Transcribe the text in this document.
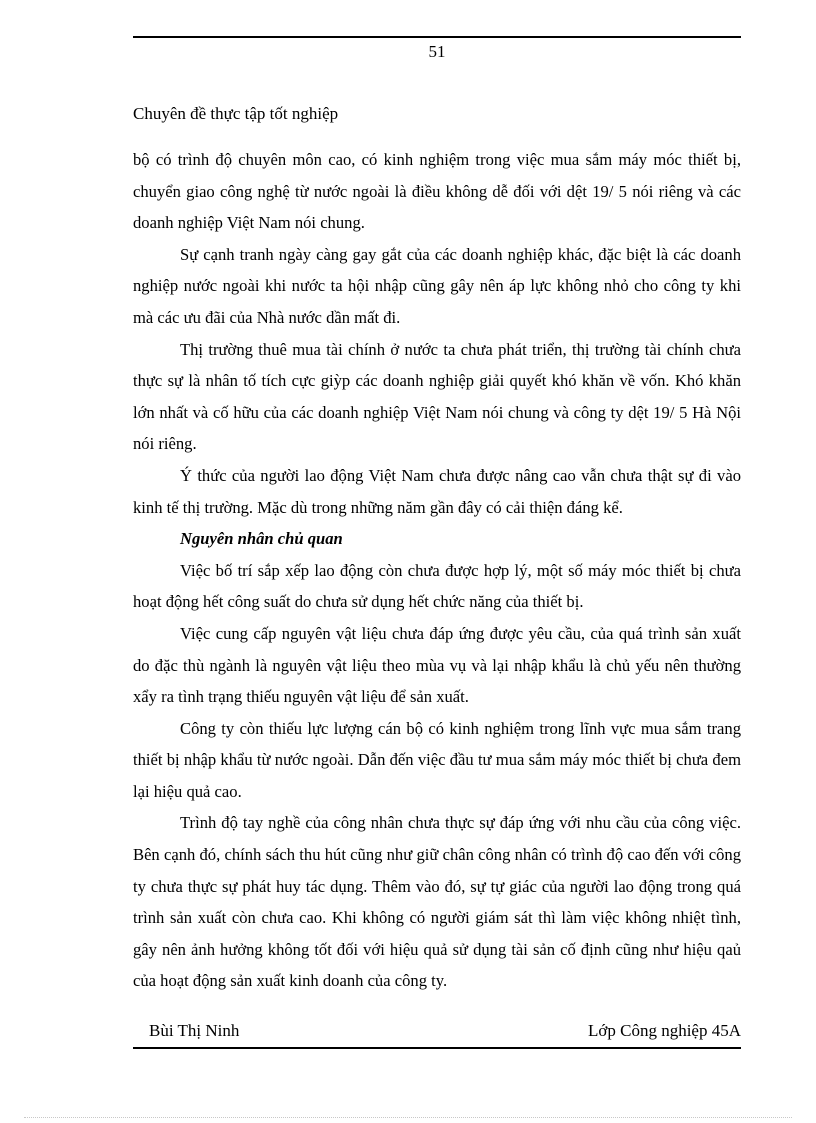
51
Chuyên đề thực tập tốt nghiệp

bộ có trình độ chuyên môn cao, có kinh nghiệm trong việc mua sắm máy móc thiết bị, chuyển giao công nghệ từ nước ngoài là điều không dễ đối với dệt 19/ 5 nói riêng và các doanh nghiệp Việt Nam nói chung.

Sự cạnh tranh ngày càng gay gắt của các doanh nghiệp khác, đặc biệt là các doanh nghiệp nước ngoài khi nước ta hội nhập cũng gây nên áp lực không nhỏ cho công ty khi mà các ưu đãi của Nhà nước dần mất đi.

Thị trường thuê mua tài chính ở nước ta chưa phát triển, thị trường tài chính chưa thực sự là nhân tố tích cực giỳp các doanh nghiệp giải quyết khó khăn về vốn. Khó khăn lớn nhất và cố hữu của các doanh nghiệp Việt Nam nói chung và công ty dệt 19/ 5 Hà Nội nói riêng.

Ý thức của người lao động Việt Nam chưa được nâng cao vẫn chưa thật sự đi vào kinh tế thị trường. Mặc dù trong những năm gần đây có cải thiện đáng kể.

Nguyên nhân chủ quan

Việc bố trí sắp xếp lao động còn chưa được hợp lý, một số máy móc thiết bị chưa hoạt động hết công suất do chưa sử dụng hết chức năng của thiết bị.

Việc cung cấp nguyên vật liệu chưa đáp ứng được yêu cầu, của quá trình sản xuất do đặc thù ngành là nguyên vật liệu theo mùa vụ và lại nhập khẩu là chủ yếu nên thường xẩy ra tình trạng thiếu nguyên vật liệu để sản xuất.

Công ty còn thiếu lực lượng cán bộ có kinh nghiệm trong lĩnh vực mua sắm trang thiết bị nhập khẩu từ nước ngoài. Dẫn đến việc đầu tư mua sắm máy móc thiết bị chưa đem lại hiệu quả cao.

Trình độ tay nghề của công nhân chưa thực sự đáp ứng với nhu cầu của công việc. Bên cạnh đó, chính sách thu hút cũng như giữ chân công nhân có trình độ cao đến với công ty chưa thực sự phát huy tác dụng. Thêm vào đó, sự tự giác của người lao động trong quá trình sản xuất còn chưa cao. Khi không có người giám sát thì làm việc không nhiệt tình, gây nên ảnh hưởng không tốt đối với hiệu quả sử dụng tài sản cố định cũng như hiệu qaủ của hoạt động sản xuất kinh doanh của công ty.

Bùi Thị Ninh	Lớp Công nghiệp 45A
